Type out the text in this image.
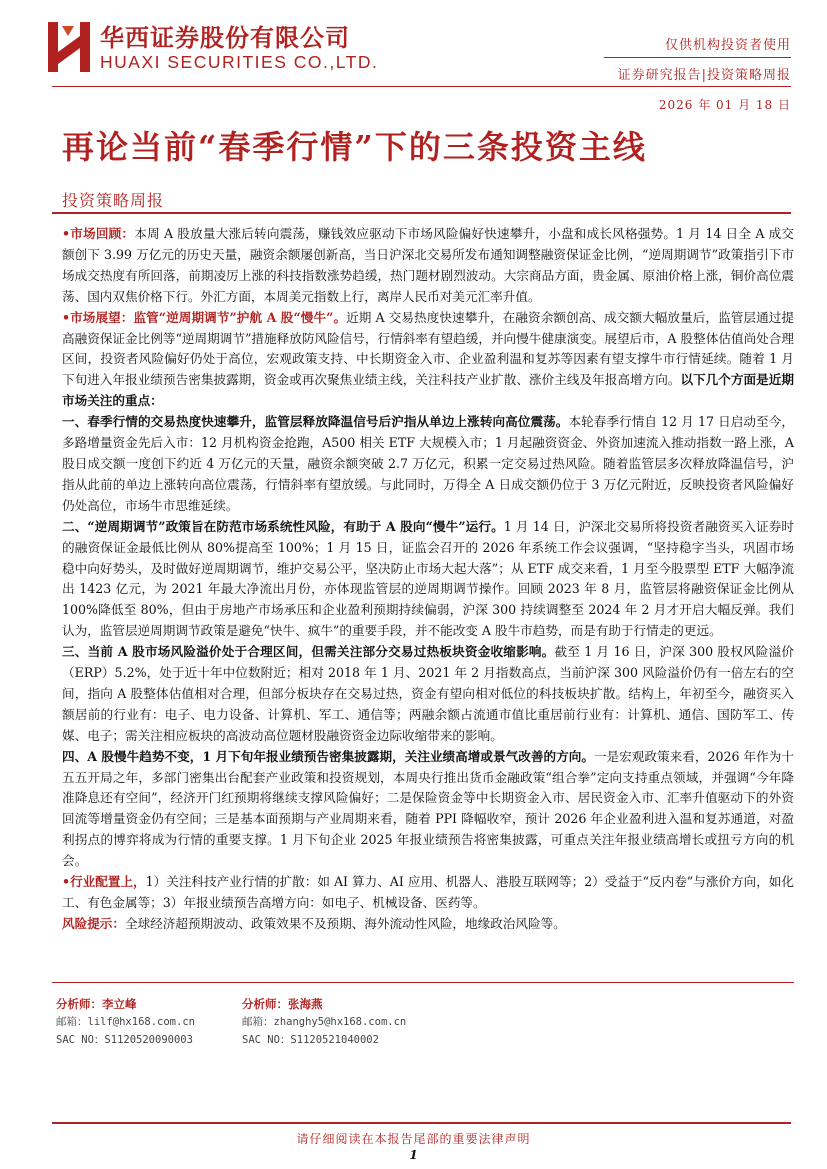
华西证券股份有限公司
HUAXI SECURITIES CO.,LTD.
仅供机构投资者使用
证券研究报告|投资策略周报
2026 年 01 月 18 日
再论当前“春季行情”下的三条投资主线
投资策略周报

•市场回顾：本周 A 股放量大涨后转向震荡，赚钱效应驱动下市场风险偏好快速攀升，小盘和成长风格强势。1 月 14 日全 A 成交额创下 3.99 万亿元的历史天量，融资余额屡创新高，当日沪深北交易所发布通知调整融资保证金比例，“逆周期调节”政策指引下市场成交热度有所回落，前期凌厉上涨的科技指数涨势趋缓，热门题材剧烈波动。大宗商品方面，贵金属、原油价格上涨，铜价高位震荡、国内双焦价格下行。外汇方面，本周美元指数上行，离岸人民币对美元汇率升值。

•市场展望：监管“逆周期调节”护航 A 股“慢牛”。近期 A 交易热度快速攀升，在融资余额创高、成交额大幅放量后，监管层通过提高融资保证金比例等“逆周期调节”措施释放防风险信号，行情斜率有望趋缓，并向慢牛健康演变。展望后市，A 股整体估值尚处合理区间，投资者风险偏好仍处于高位，宏观政策支持、中长期资金入市、企业盈利温和复苏等因素有望支撑牛市行情延续。随着 1 月下旬进入年报业绩预告密集披露期，资金或再次聚焦业绩主线，关注科技产业扩散、涨价主线及年报高增方向。以下几个方面是近期市场关注的重点：

一、春季行情的交易热度快速攀升，监管层释放降温信号后沪指从单边上涨转向高位震荡。本轮春季行情自 12 月 17 日启动至今，多路增量资金先后入市：12 月机构资金抢跑，A500 相关 ETF 大规模入市；1 月起融资资金、外资加速流入推动指数一路上涨，A 股日成交额一度创下约近 4 万亿元的天量，融资余额突破 2.7 万亿元，积累一定交易过热风险。随着监管层多次释放降温信号，沪指从此前的单边上涨转向高位震荡，行情斜率有望放缓。与此同时，万得全 A 日成交额仍位于 3 万亿元附近，反映投资者风险偏好仍处高位，市场牛市思维延续。

二、“逆周期调节”政策旨在防范市场系统性风险，有助于 A 股向“慢牛”运行。1 月 14 日，沪深北交易所将投资者融资买入证券时的融资保证金最低比例从 80%提高至 100%；1 月 15 日，证监会召开的 2026 年系统工作会议强调，“坚持稳字当头，巩固市场稳中向好势头，及时做好逆周期调节，维护交易公平，坚决防止市场大起大落”；从 ETF 成交来看，1 月至今股票型 ETF 大幅净流出 1423 亿元，为 2021 年最大净流出月份，亦体现监管层的逆周期调节操作。回顾 2023 年 8 月，监管层将融资保证金比例从 100%降低至 80%，但由于房地产市场承压和企业盈利预期持续偏弱，沪深 300 持续调整至 2024 年 2 月才开启大幅反弹。我们认为，监管层逆周期调节政策是避免“快牛、疯牛”的重要手段，并不能改变 A 股牛市趋势，而是有助于行情走的更远。

三、当前 A 股市场风险溢价处于合理区间，但需关注部分交易过热板块资金收缩影响。截至 1 月 16 日，沪深 300 股权风险溢价（ERP）5.2%，处于近十年中位数附近；相对 2018 年 1 月、2021 年 2 月指数高点，当前沪深 300 风险溢价仍有一倍左右的空间，指向 A 股整体估值相对合理，但部分板块存在交易过热，资金有望向相对低位的科技板块扩散。结构上，年初至今，融资买入额居前的行业有：电子、电力设备、计算机、军工、通信等；两融余额占流通市值比重居前行业有：计算机、通信、国防军工、传媒、电子；需关注相应板块的高波动高位题材股融资资金边际收缩带来的影响。

四、A 股慢牛趋势不变，1 月下旬年报业绩预告密集披露期，关注业绩高增或景气改善的方向。一是宏观政策来看，2026 年作为十五五开局之年，多部门密集出台配套产业政策和投资规划，本周央行推出货币金融政策“组合拳”定向支持重点领域，并强调“今年降准降息还有空间”，经济开门红预期将继续支撑风险偏好；二是保险资金等中长期资金入市、居民资金入市、汇率升值驱动下的外资回流等增量资金仍有空间；三是基本面预期与产业周期来看，随着 PPI 降幅收窄，预计 2026 年企业盈利进入温和复苏通道，对盈利拐点的博弈将成为行情的重要支撑。1 月下旬企业 2025 年报业绩预告将密集披露，可重点关注年报业绩高增长或扭亏方向的机会。

•行业配置上，1）关注科技产业行情的扩散：如 AI 算力、AI 应用、机器人、港股互联网等；2）受益于“反内卷”与涨价方向，如化工、有色金属等；3）年报业绩预告高增方向：如电子、机械设备、医药等。

风险提示：全球经济超预期波动、政策效果不及预期、海外流动性风险，地缘政治风险等。

分析师：李立峰
邮箱：lilf@hx168.com.cn
SAC NO：S1120520090003
分析师：张海燕
邮箱：zhanghy5@hx168.com.cn
SAC NO：S1120521040002
请仔细阅读在本报告尾部的重要法律声明
1
